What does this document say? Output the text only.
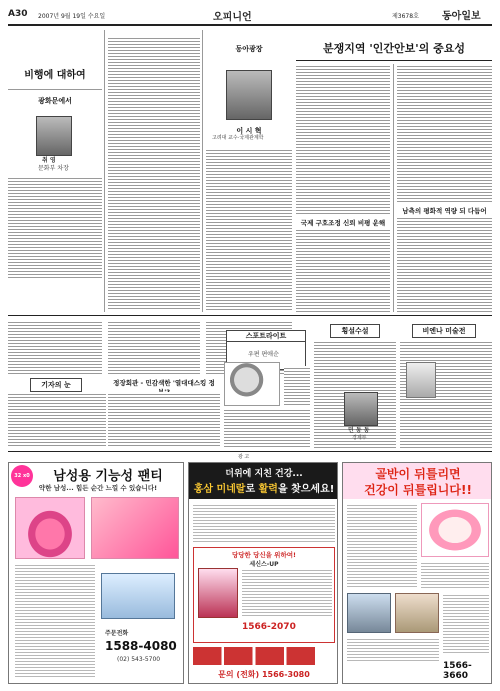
A30 2007년 9월 19일 수요일	오피니언	제3678호 동아일보
비행에 대하여
광화문에서
취 영
문화부 차장
동아광장
이 시 혁
고려대 교수·국제관계학
분쟁지역 '인간안보'의 중요성
국제 구호조정 신뢰 비평 운해
남측의 평화적 역량 되 다듬어
기자의 눈
스포트라이트
우편 편애순
정장회관 - 민감색한 '열대대스킹 정
횡설수설	비엔나 미술전
민 동 동
경제부
광 고
32 x0	남성용 기능성 팬티
약한 남성... 힘든 순간 느낄 수 있습니다!
주문전화
1588-4080
(02) 543-5700
더위에 지친 건강...
홍삼 미네랄로 활력을 찾으세요!
당당한 당신을 위하여!
세신스-UP
1566-2070
문의 (전화) 1566-3080
골반이 뒤틀리면
건강이 뒤틀립니다!!
1566-3660
